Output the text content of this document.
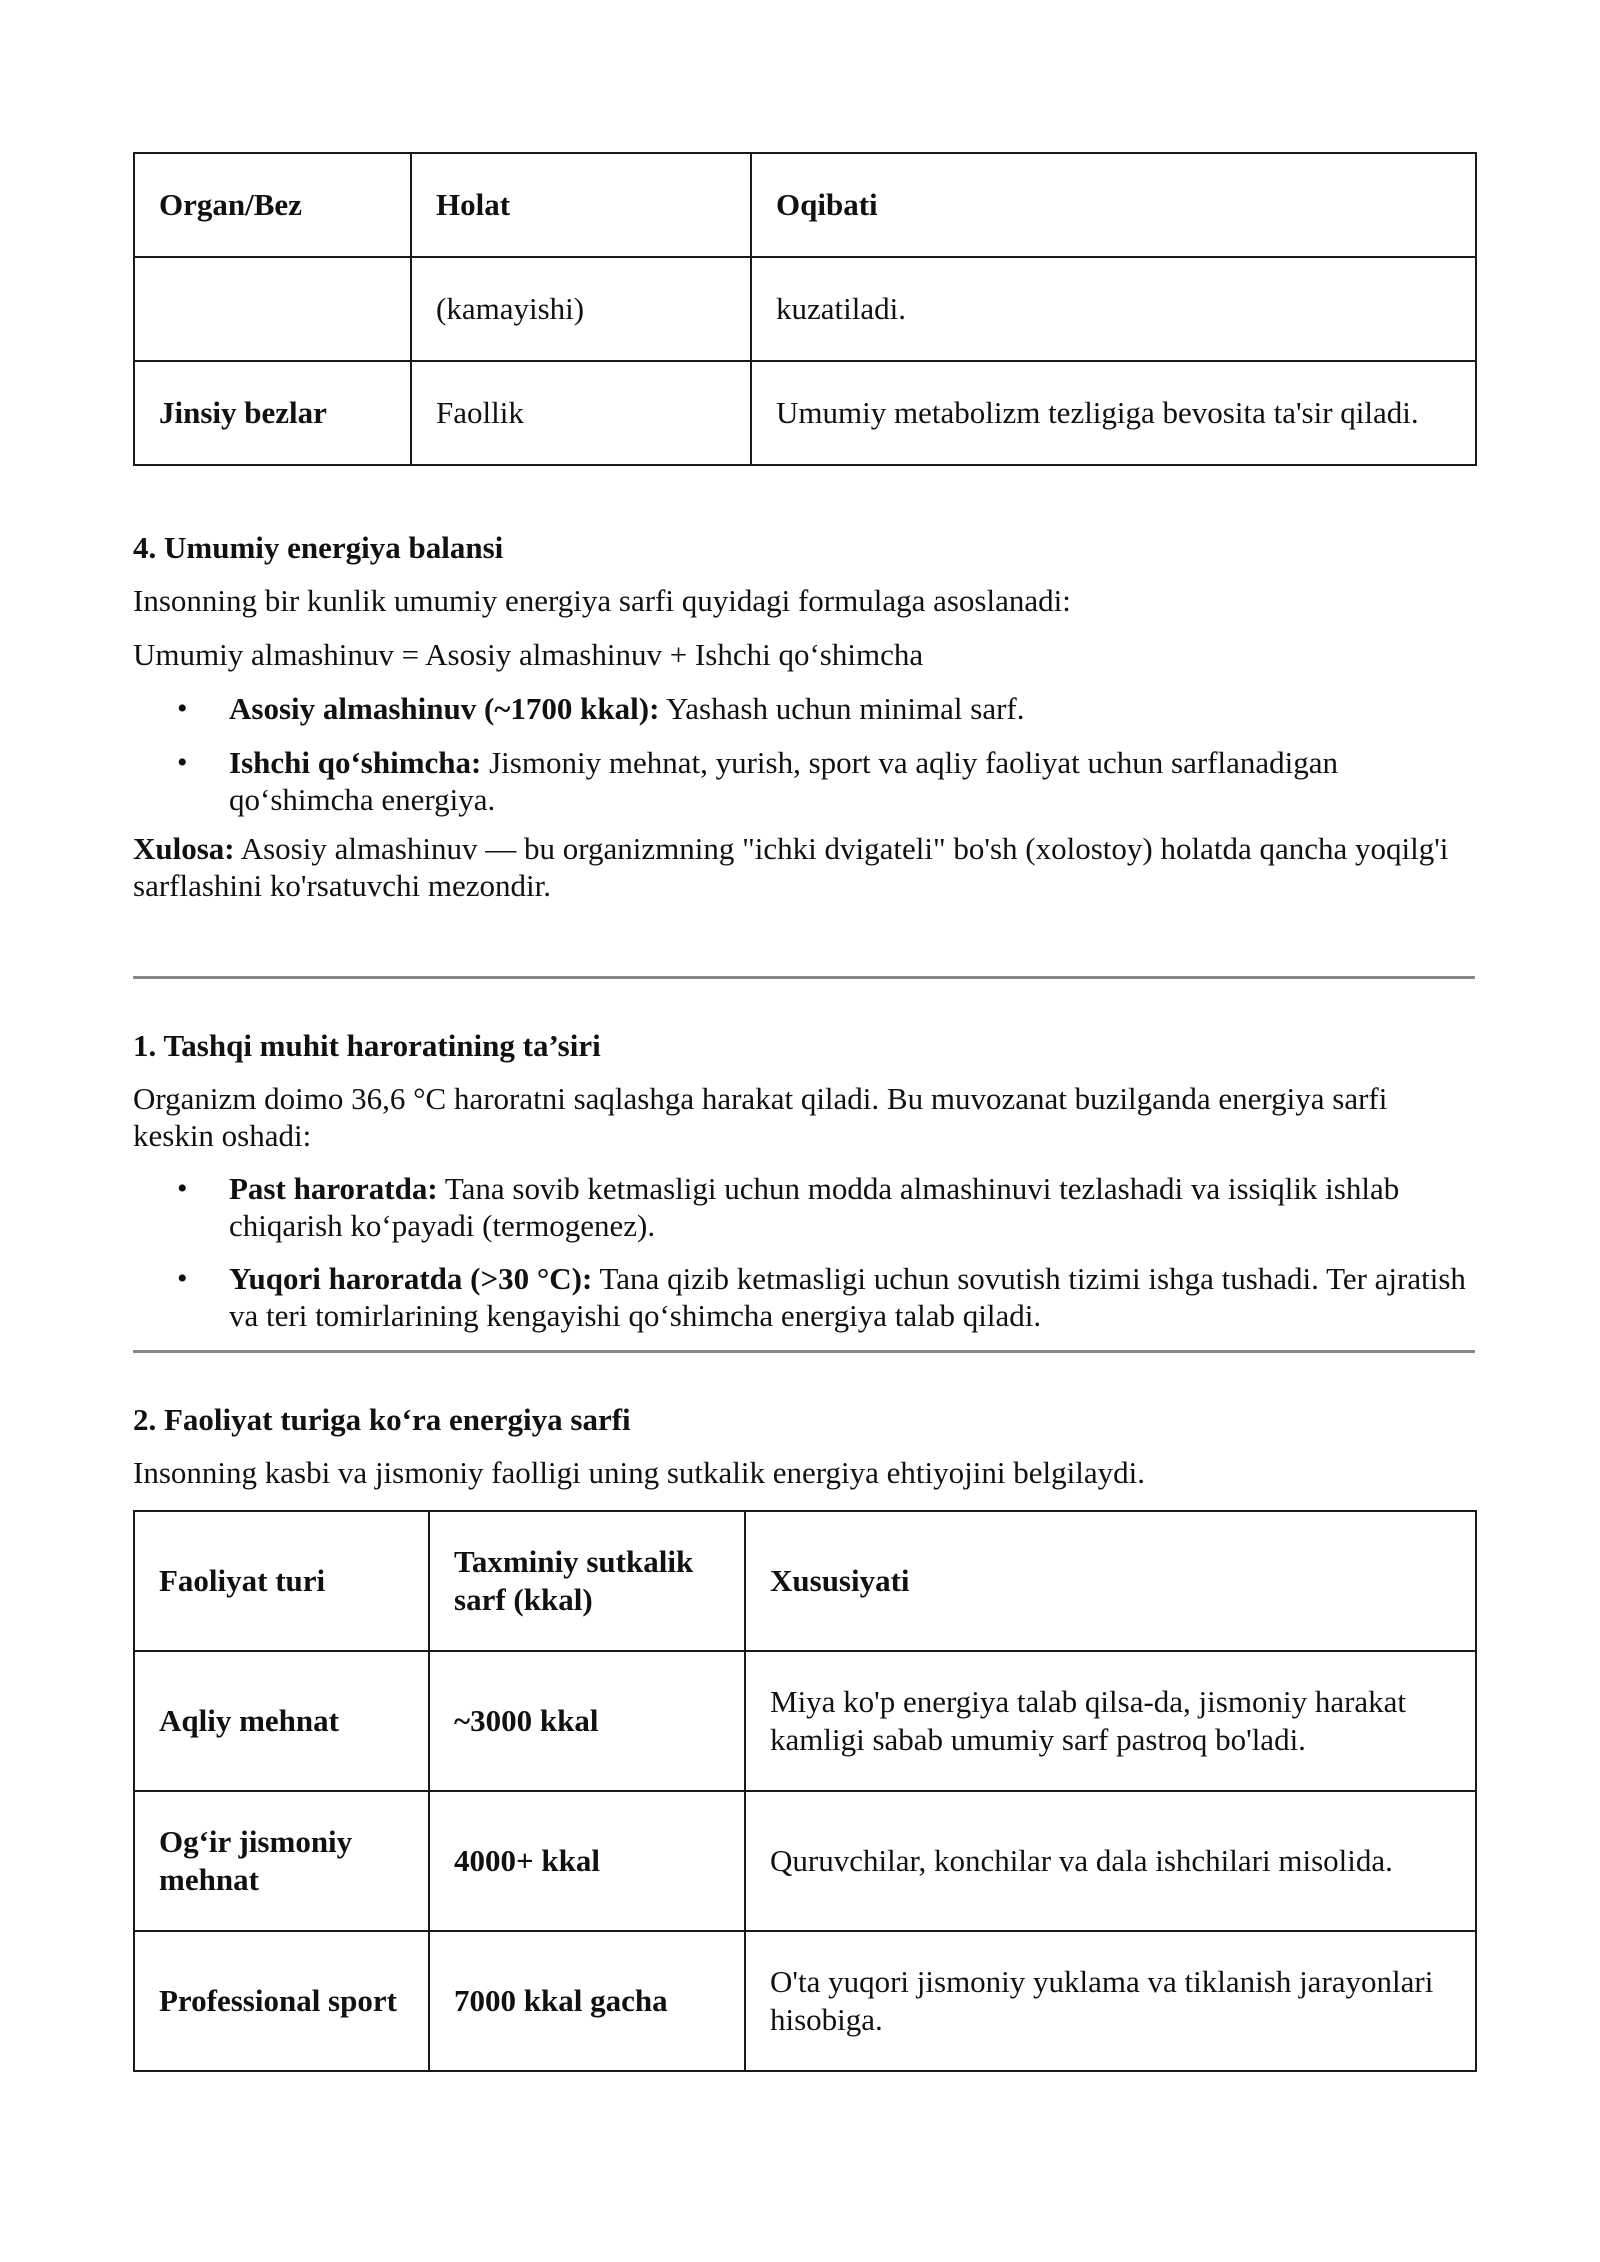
Organ/Bez	Holat	Oqibati
	(kamayishi)	kuzatiladi.
Jinsiy bezlar	Faollik	Umumiy metabolizm tezligiga bevosita ta'sir qiladi.
4. Umumiy energiya balansi
Insonning bir kunlik umumiy energiya sarfi quyidagi formulaga asoslanadi:
Umumiy almashinuv = Asosiy almashinuv + Ishchi qo‘shimcha
• Asosiy almashinuv (~1700 kkal): Yashash uchun minimal sarf.
• Ishchi qo‘shimcha: Jismoniy mehnat, yurish, sport va aqliy faoliyat uchun sarflanadigan qo‘shimcha energiya.
Xulosa: Asosiy almashinuv — bu organizmning "ichki dvigateli" bo'sh (xolostoy) holatda qancha yoqilg'i sarflashini ko'rsatuvchi mezondir.
1. Tashqi muhit haroratining ta’siri
Organizm doimo 36,6 °C haroratni saqlashga harakat qiladi. Bu muvozanat buzilganda energiya sarfi keskin oshadi:
• Past haroratda: Tana sovib ketmasligi uchun modda almashinuvi tezlashadi va issiqlik ishlab chiqarish ko‘payadi (termogenez).
• Yuqori haroratda (>30 °C): Tana qizib ketmasligi uchun sovutish tizimi ishga tushadi. Ter ajratish va teri tomirlarining kengayishi qo‘shimcha energiya talab qiladi.
2. Faoliyat turiga ko‘ra energiya sarfi
Insonning kasbi va jismoniy faolligi uning sutkalik energiya ehtiyojini belgilaydi.
Faoliyat turi	Taxminiy sutkalik sarf (kkal)	Xususiyati
Aqliy mehnat	~3000 kkal	Miya ko'p energiya talab qilsa-da, jismoniy harakat kamligi sabab umumiy sarf pastroq bo'ladi.
Og‘ir jismoniy mehnat	4000+ kkal	Quruvchilar, konchilar va dala ishchilari misolida.
Professional sport	7000 kkal gacha	O'ta yuqori jismoniy yuklama va tiklanish jarayonlari hisobiga.
